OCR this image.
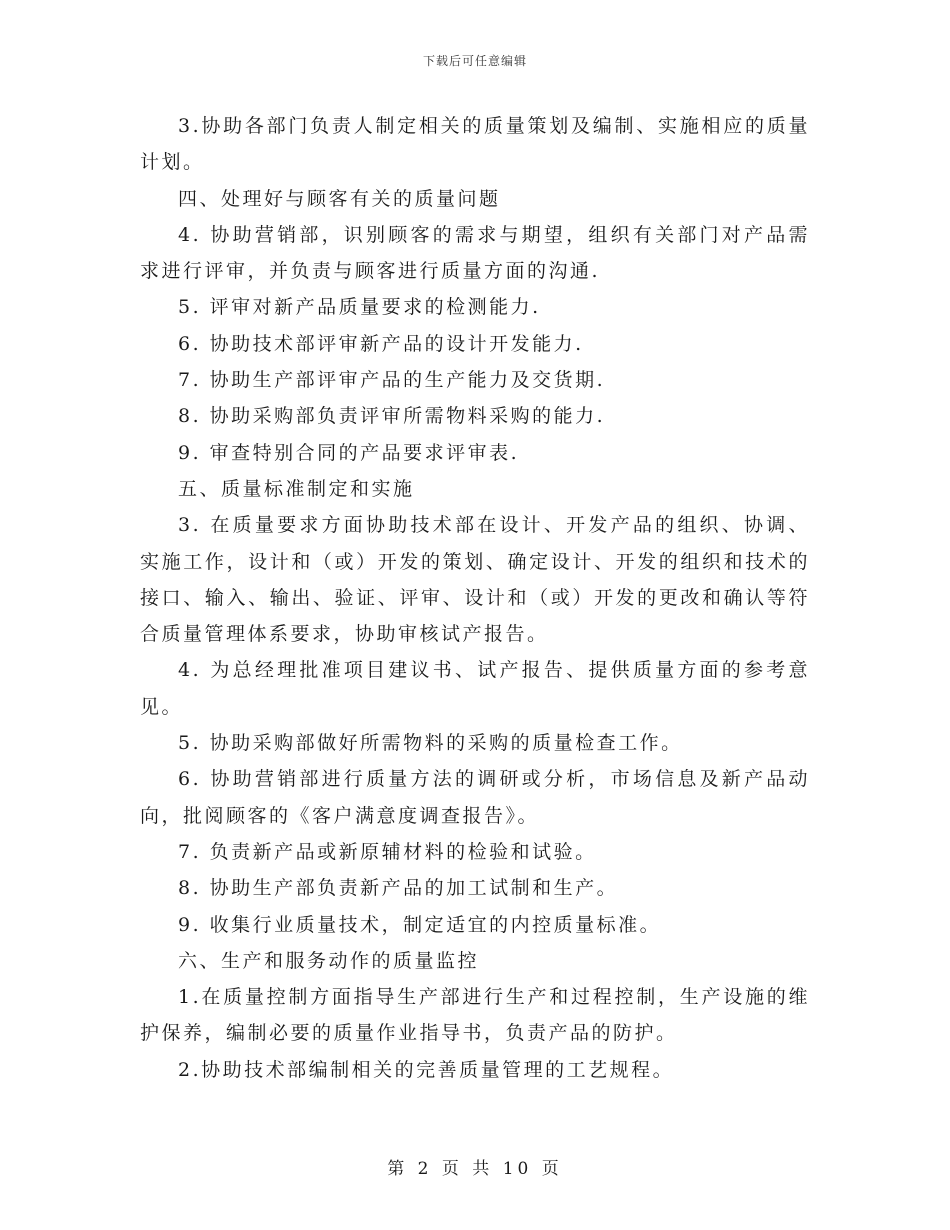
下载后可任意编辑

3.协助各部门负责人制定相关的质量策划及编制、实施相应的质量计划。

四、处理好与顾客有关的质量问题

4. 协助营销部，识别顾客的需求与期望，组织有关部门对产品需求进行评审，并负责与顾客进行质量方面的沟通.

5. 评审对新产品质量要求的检测能力.

6. 协助技术部评审新产品的设计开发能力.

7. 协助生产部评审产品的生产能力及交货期.

8. 协助采购部负责评审所需物料采购的能力.

9. 审查特别合同的产品要求评审表.

五、质量标准制定和实施

3. 在质量要求方面协助技术部在设计、开发产品的组织、协调、实施工作，设计和（或）开发的策划、确定设计、开发的组织和技术的接口、输入、输出、验证、评审、设计和（或）开发的更改和确认等符合质量管理体系要求，协助审核试产报告。

4. 为总经理批准项目建议书、试产报告、提供质量方面的参考意见。

5. 协助采购部做好所需物料的采购的质量检查工作。

6. 协助营销部进行质量方法的调研或分析，市场信息及新产品动向，批阅顾客的《客户满意度调查报告》。

7. 负责新产品或新原辅材料的检验和试验。

8. 协助生产部负责新产品的加工试制和生产。

9. 收集行业质量技术，制定适宜的内控质量标准。

六、生产和服务动作的质量监控

1.在质量控制方面指导生产部进行生产和过程控制，生产设施的维护保养，编制必要的质量作业指导书，负责产品的防护。

2.协助技术部编制相关的完善质量管理的工艺规程。

第 2 页 共 10 页
